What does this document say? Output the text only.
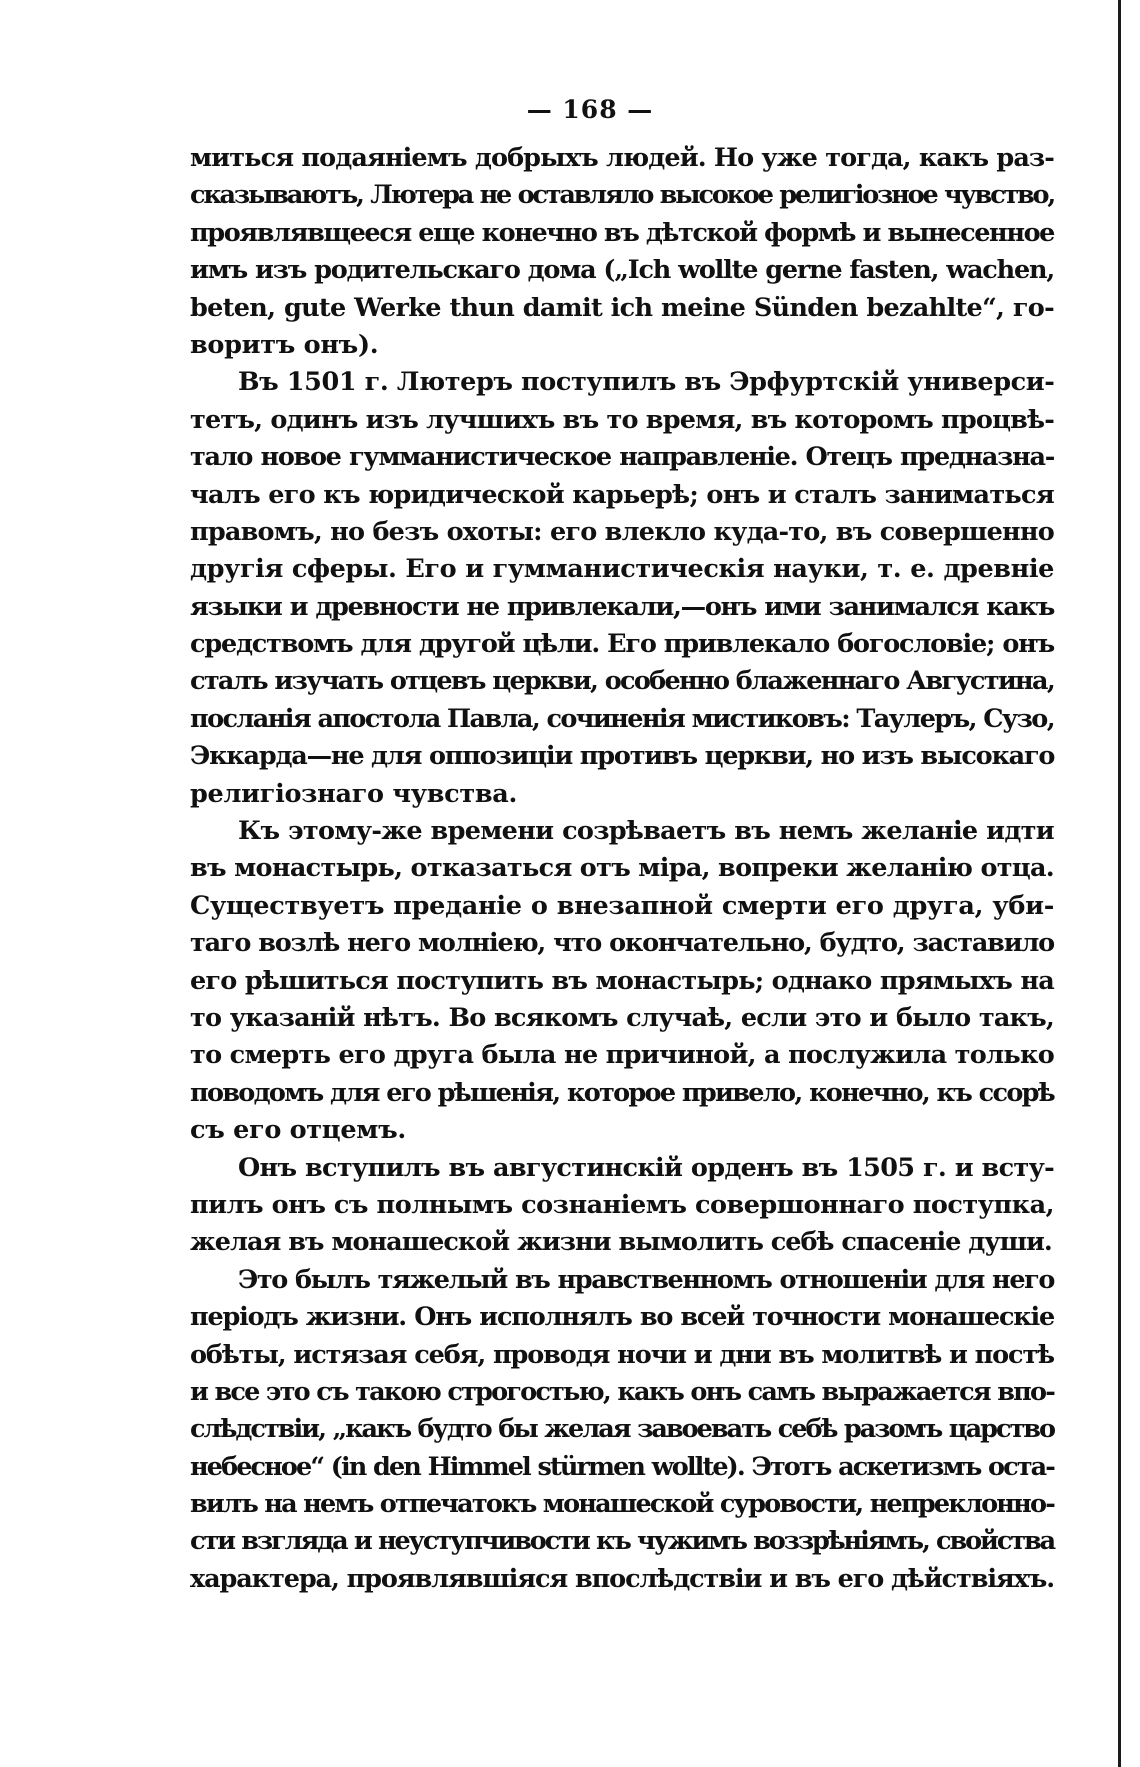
— 168 —
миться подаяніемъ добрыхъ людей. Но уже тогда, какъ раз-
сказываютъ, Лютера не оставляло высокое религіозное чувство,
проявлявщееся еще конечно въ дѣтской формѣ и вынесенное
имъ изъ родительскаго дома („Ich wollte gerne fasten, wachen,
beten, gute Werke thun damit ich meine Sünden bezahlte“, го-
воритъ онъ).
Въ 1501 г. Лютеръ поступилъ въ Эрфуртскій универси-
тетъ, одинъ изъ лучшихъ въ то время, въ которомъ процвѣ-
тало новое гумманистическое направленіе. Отецъ предназна-
чалъ его къ юридической карьерѣ; онъ и сталъ заниматься
правомъ, но безъ охоты: его влекло куда-то, въ совершенно
другія сферы. Его и гумманистическія науки, т. е. древніе
языки и древности не привлекали,—онъ ими занимался какъ
средствомъ для другой цѣли. Его привлекало богословіе; онъ
сталъ изучать отцевъ церкви, особенно блаженнаго Августина,
посланія апостола Павла, сочиненія мистиковъ: Таулеръ, Сузо,
Эккарда—не для оппозиціи противъ церкви, но изъ высокаго
религіознаго чувства.
Къ этому-же времени созрѣваетъ въ немъ желаніе идти
въ монастырь, отказаться отъ міра, вопреки желанію отца.
Существуетъ преданіе о внезапной смерти его друга, уби-
таго возлѣ него молніею, что окончательно, будто, заставило
его рѣшиться поступить въ монастырь; однако прямыхъ на
то указаній нѣтъ. Во всякомъ случаѣ, если это и было такъ,
то смерть его друга была не причиной, а послужила только
поводомъ для его рѣшенія, которое привело, конечно, къ ссорѣ
съ его отцемъ.
Онъ вступилъ въ августинскій орденъ въ 1505 г. и всту-
пилъ онъ съ полнымъ сознаніемъ совершоннаго поступка,
желая въ монашеской жизни вымолить себѣ спасеніе души.
Это былъ тяжелый въ нравственномъ отношеніи для него
періодъ жизни. Онъ исполнялъ во всей точности монашескіе
обѣты, истязая себя, проводя ночи и дни въ молитвѣ и постѣ
и все это съ такою строгостью, какъ онъ самъ выражается впо-
слѣдствіи, „какъ будто бы желая завоевать себѣ разомъ царство
небесное“ (in den Himmel stürmen wollte). Этотъ аскетизмъ оста-
вилъ на немъ отпечатокъ монашеской суровости, непреклонно-
сти взгляда и неуступчивости къ чужимъ воззрѣніямъ, свойства
характера, проявлявшіяся впослѣдствіи и въ его дѣйствіяхъ.
